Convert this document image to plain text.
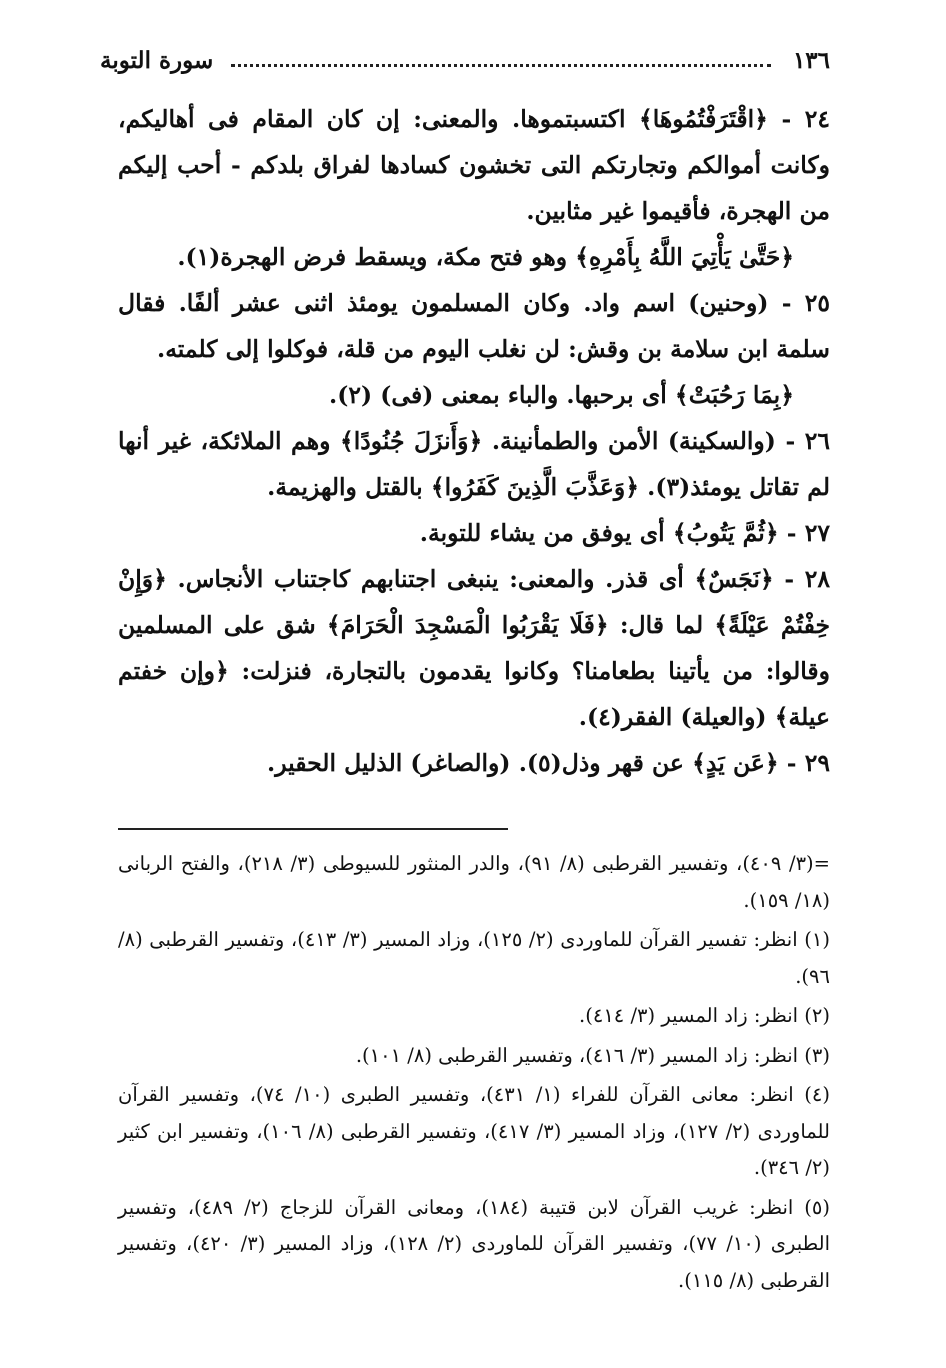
١٣٦
سورة التوبة

٢٤ - ﴿اقْتَرَفْتُمُوهَا﴾ اكتسبتموها. والمعنى: إن كان المقام فى أهاليكم، وكانت أموالكم وتجارتكم التى تخشون كسادها لفراق بلدكم - أحب إليكم من الهجرة، فأقيموا غير مثابين.

﴿حَتَّىٰ يَأْتِيَ اللَّهُ بِأَمْرِهِ﴾ وهو فتح مكة، ويسقط فرض الهجرة(١).

٢٥ - (وحنين) اسم واد. وكان المسلمون يومئذ اثنى عشر ألفًا. فقال سلمة ابن سلامة بن وقش: لن نغلب اليوم من قلة، فوكلوا إلى كلمته.

﴿بِمَا رَحُبَتْ﴾ أى برحبها. والباء بمعنى (فى) (٢).

٢٦ - (والسكينة) الأمن والطمأنينة. ﴿وَأَنزَلَ جُنُودًا﴾ وهم الملائكة، غير أنها لم تقاتل يومئذ(٣). ﴿وَعَذَّبَ الَّذِينَ كَفَرُوا﴾ بالقتل والهزيمة.

٢٧ - ﴿ثُمَّ يَتُوبُ﴾ أى يوفق من يشاء للتوبة.

٢٨ - ﴿نَجَسٌ﴾ أى قذر. والمعنى: ينبغى اجتنابهم كاجتناب الأنجاس. ﴿وَإِنْ خِفْتُمْ عَيْلَةً﴾ لما قال: ﴿فَلَا يَقْرَبُوا الْمَسْجِدَ الْحَرَامَ﴾ شق على المسلمين وقالوا: من يأتينا بطعامنا؟ وكانوا يقدمون بالتجارة، فنزلت: ﴿وإن خفتم عيلة﴾ (والعيلة) الفقر(٤).

٢٩ - ﴿عَن يَدٍ﴾ عن قهر وذل(٥). (والصاغر) الذليل الحقير.

=(٣/ ٤٠٩)، وتفسير القرطبى (٨/ ٩١)، والدر المنثور للسيوطى (٣/ ٢١٨)، والفتح الربانى (١٨/ ١٥٩).

(١) انظر: تفسير القرآن للماوردى (٢/ ١٢٥)، وزاد المسير (٣/ ٤١٣)، وتفسير القرطبى (٨/ ٩٦).

(٢) انظر: زاد المسير (٣/ ٤١٤).

(٣) انظر: زاد المسير (٣/ ٤١٦)، وتفسير القرطبى (٨/ ١٠١).

(٤) انظر: معانى القرآن للفراء (١/ ٤٣١)، وتفسير الطبرى (١٠/ ٧٤)، وتفسير القرآن للماوردى (٢/ ١٢٧)، وزاد المسير (٣/ ٤١٧)، وتفسير القرطبى (٨/ ١٠٦)، وتفسير ابن كثير (٢/ ٣٤٦).

(٥) انظر: غريب القرآن لابن قتيبة (١٨٤)، ومعانى القرآن للزجاج (٢/ ٤٨٩)، وتفسير الطبرى (١٠/ ٧٧)، وتفسير القرآن للماوردى (٢/ ١٢٨)، وزاد المسير (٣/ ٤٢٠)، وتفسير القرطبى (٨/ ١١٥).
